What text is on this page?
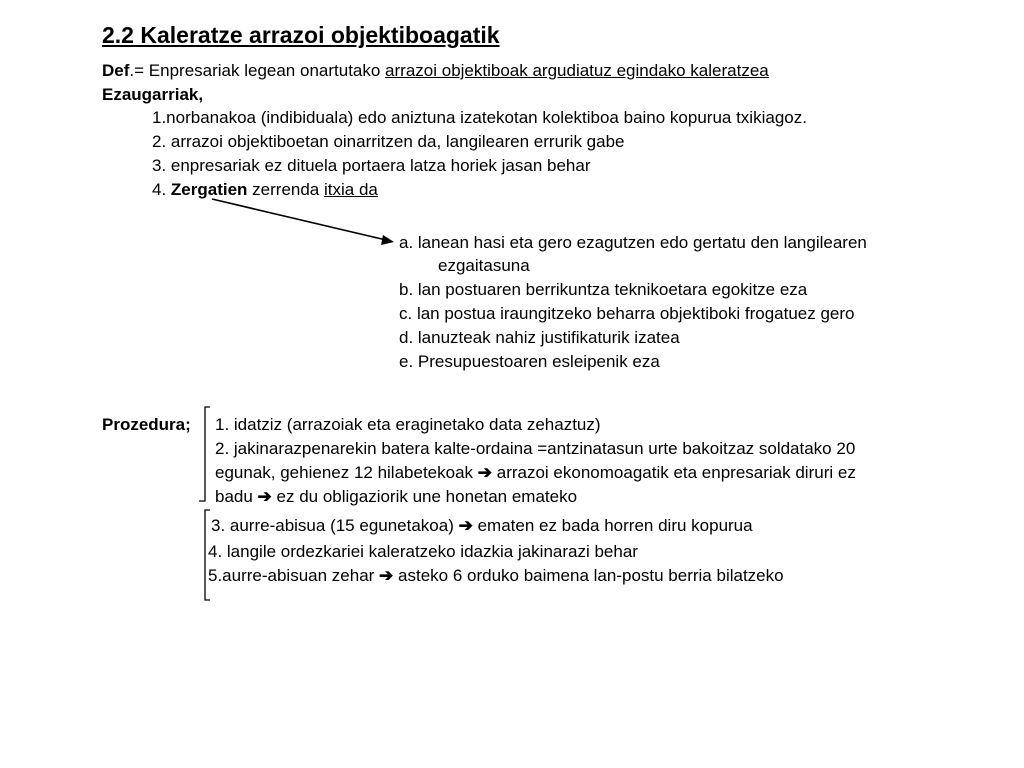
2.2 Kaleratze arrazoi objektiboagatik
Def.= Enpresariak legean onartutako arrazoi objektiboak argudiatuz egindako kaleratzea
Ezaugarriak,
1.norbanakoa (indibiduala) edo aniztuna izatekotan kolektiboa baino kopurua txikiagoz.
2. arrazoi objektiboetan oinarritzen da, langilearen errurik gabe
3. enpresariak ez dituela portaera latza horiek jasan behar
4. Zergatien zerrenda itxia da
a. lanean hasi eta gero ezagutzen edo gertatu den langilearen
ezgaitasuna
b. lan postuaren berrikuntza teknikoetara egokitze eza
c. lan postua iraungitzeko beharra objektiboki frogatuez gero
d. lanuzteak nahiz justifikaturik izatea
e. Presupuestoaren esleipenik eza
Prozedura; 1. idatziz (arrazoiak eta eraginetako data zehaztuz)
2. jakinarazpenarekin batera kalte-ordaina =antzinatasun urte bakoitzaz soldatako 20
egunak, gehienez 12 hilabetekoak ➔ arrazoi ekonomoagatik eta enpresariak diruri ez
badu ➔ ez du obligaziorik une honetan emateko
3. aurre-abisua (15 egunetakoa) ➔ ematen ez bada horren diru kopurua
4. langile ordezkariei kaleratzeko idazkia jakinarazi behar
5.aurre-abisuan zehar ➔ asteko 6 orduko baimena lan-postu berria bilatzeko
